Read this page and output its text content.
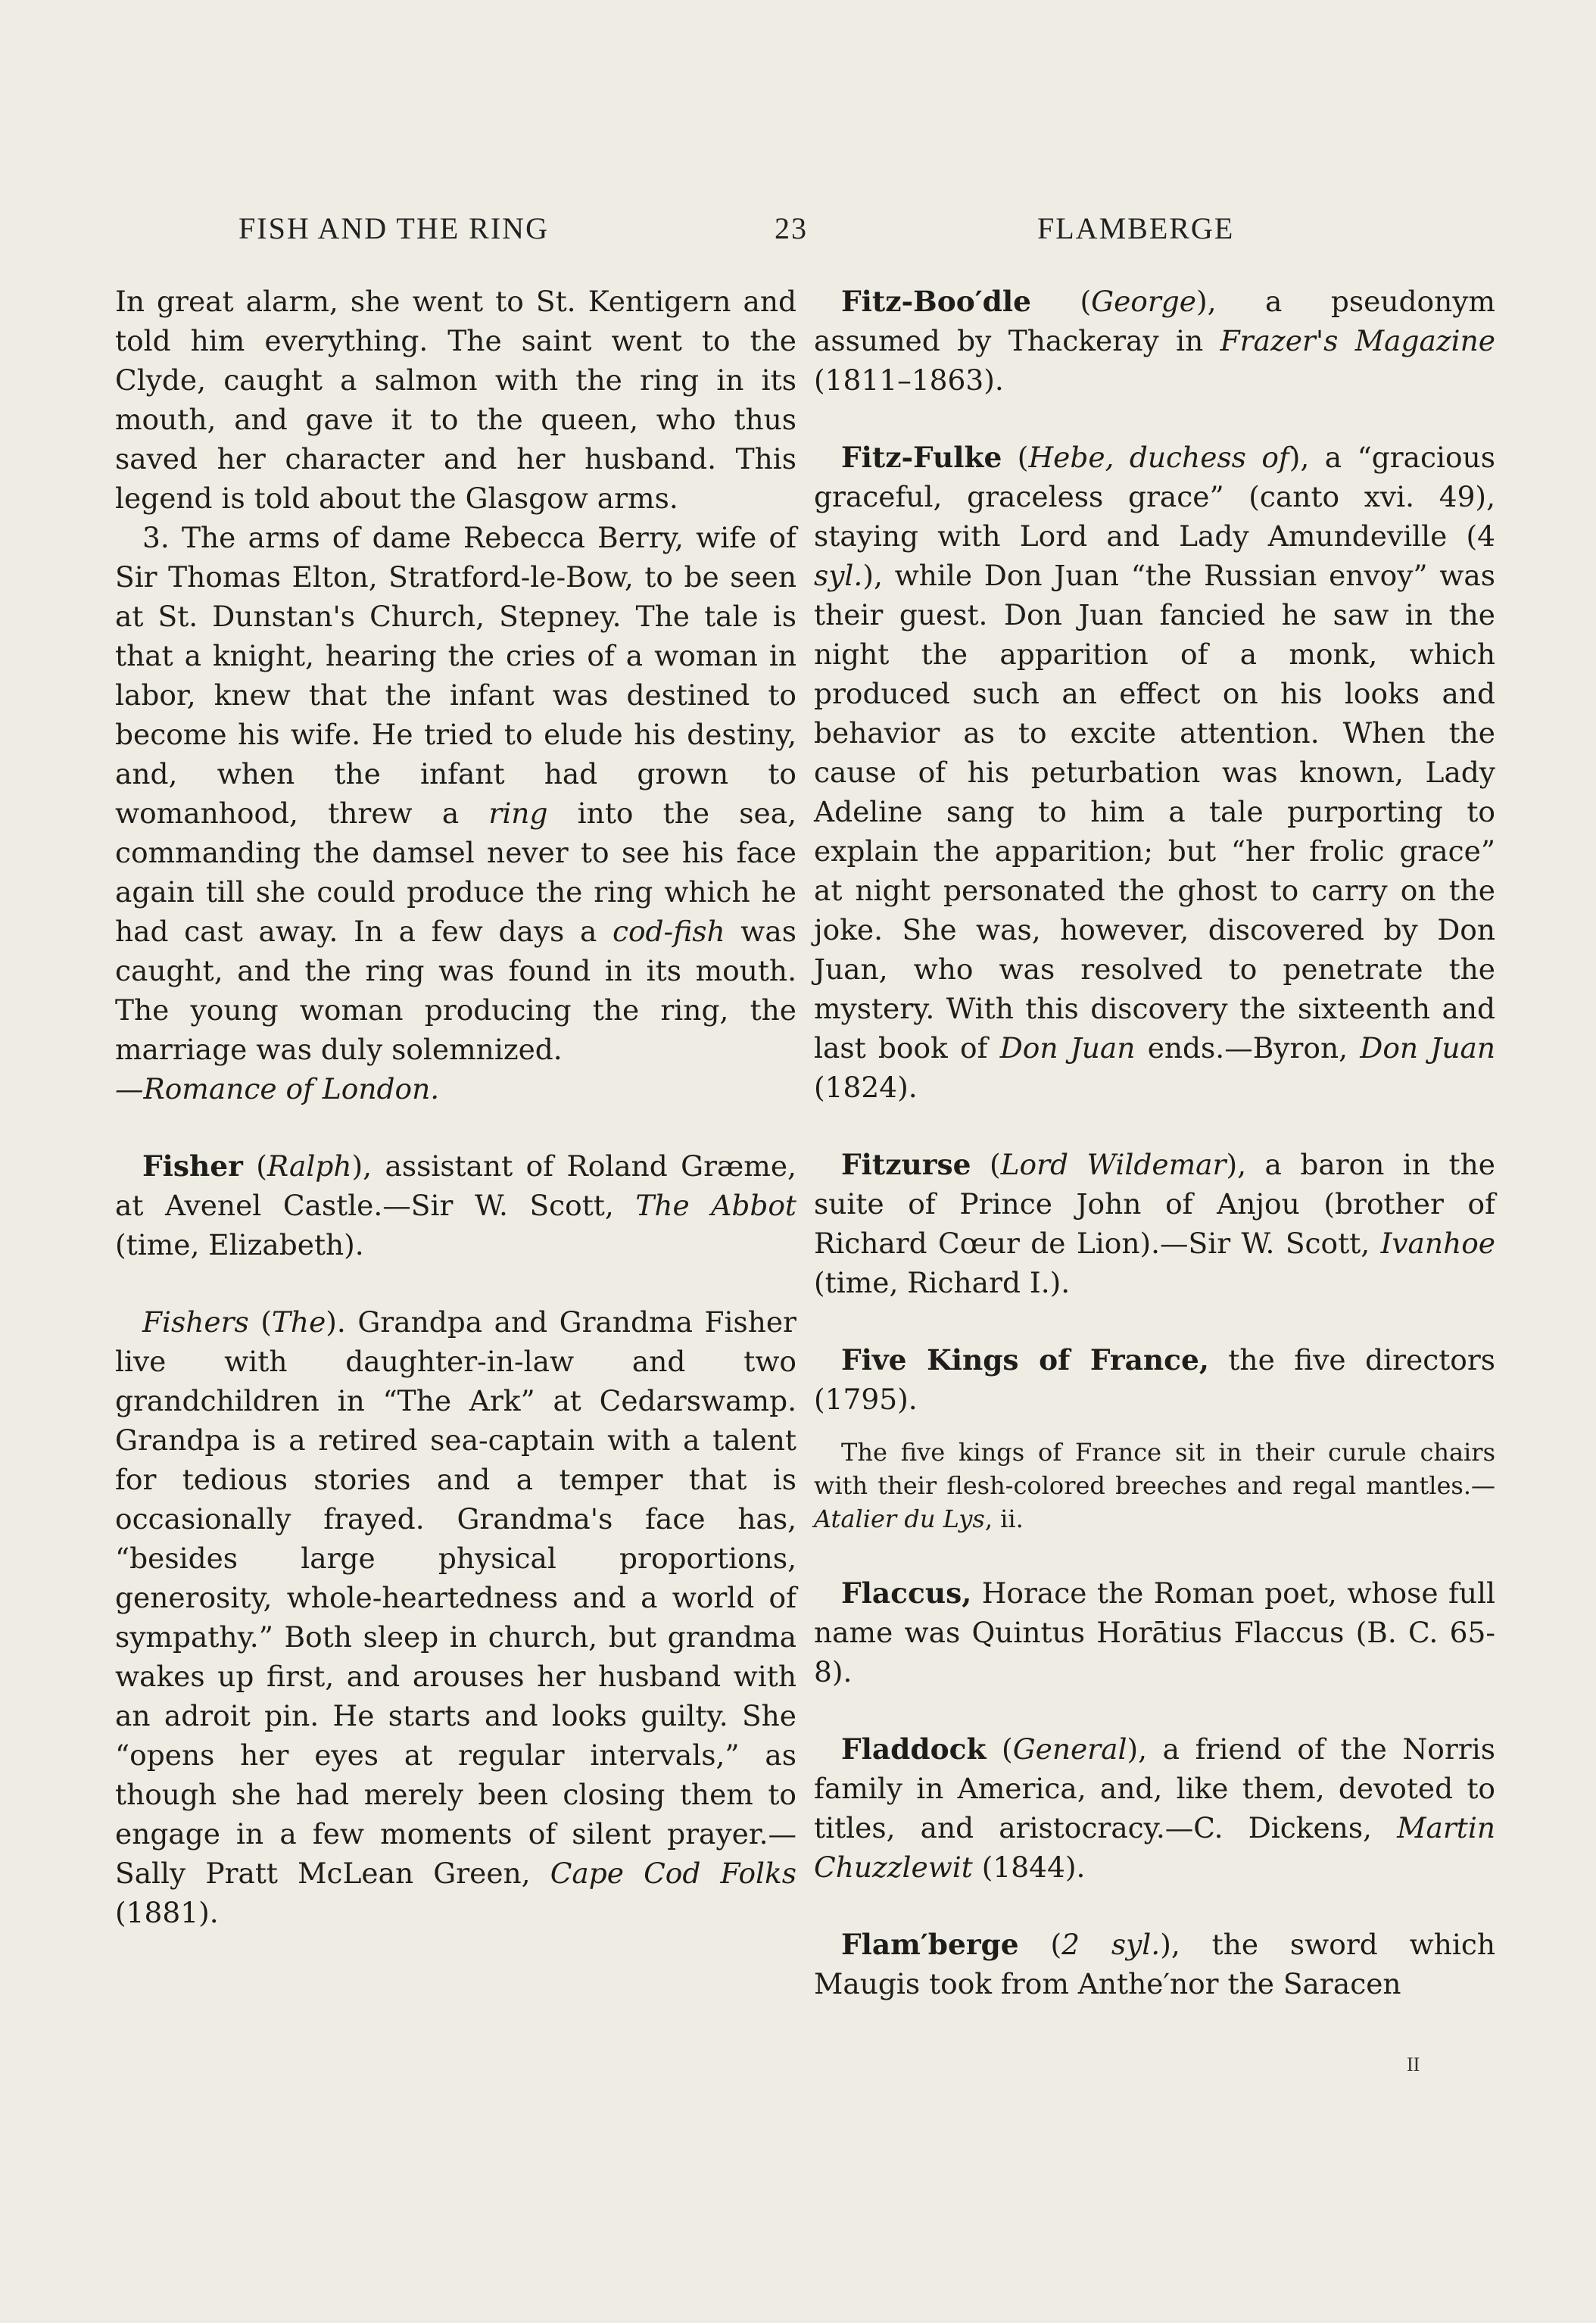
FISH AND THE RING	23	FLAMBERGE

In great alarm, she went to St. Kentigern and told him everything. The saint went to the Clyde, caught a salmon with the ring in its mouth, and gave it to the queen, who thus saved her character and her husband. This legend is told about the Glasgow arms.

3. The arms of dame Rebecca Berry, wife of Sir Thomas Elton, Stratford-le-Bow, to be seen at St. Dunstan's Church, Stepney. The tale is that a knight, hearing the cries of a woman in labor, knew that the infant was destined to become his wife. He tried to elude his destiny, and, when the infant had grown to womanhood, threw a ring into the sea, commanding the damsel never to see his face again till she could produce the ring which he had cast away. In a few days a cod-fish was caught, and the ring was found in its mouth. The young woman producing the ring, the marriage was duly solemnized.
—Romance of London.

Fisher (Ralph), assistant of Roland Græme, at Avenel Castle.—Sir W. Scott, The Abbot (time, Elizabeth).

Fishers (The). Grandpa and Grandma Fisher live with daughter-in-law and two grandchildren in “The Ark” at Cedarswamp. Grandpa is a retired sea-captain with a talent for tedious stories and a temper that is occasionally frayed. Grandma's face has, “besides large physical proportions, generosity, whole-heartedness and a world of sympathy.” Both sleep in church, but grandma wakes up first, and arouses her husband with an adroit pin. He starts and looks guilty. She “opens her eyes at regular intervals,” as though she had merely been closing them to engage in a few moments of silent prayer.—Sally Pratt McLean Green, Cape Cod Folks (1881).

Fitz-Boo′dle (George), a pseudonym assumed by Thackeray in Frazer's Magazine (1811–1863).

Fitz-Fulke (Hebe, duchess of), a “gracious graceful, graceless grace” (canto xvi. 49), staying with Lord and Lady Amundeville (4 syl.), while Don Juan “the Russian envoy” was their guest. Don Juan fancied he saw in the night the apparition of a monk, which produced such an effect on his looks and behavior as to excite attention. When the cause of his peturbation was known, Lady Adeline sang to him a tale purporting to explain the apparition; but “her frolic grace” at night personated the ghost to carry on the joke. She was, however, discovered by Don Juan, who was resolved to penetrate the mystery. With this discovery the sixteenth and last book of Don Juan ends.—Byron, Don Juan (1824).

Fitzurse (Lord Wildemar), a baron in the suite of Prince John of Anjou (brother of Richard Cœur de Lion).—Sir W. Scott, Ivanhoe (time, Richard I.).

Five Kings of France, the five directors (1795).

The five kings of France sit in their curule chairs with their flesh-colored breeches and regal mantles.—Atalier du Lys, ii.

Flaccus, Horace the Roman poet, whose full name was Quintus Horātius Flaccus (B. C. 65-8).

Fladdock (General), a friend of the Norris family in America, and, like them, devoted to titles, and aristocracy.—C. Dickens, Martin Chuzzlewit (1844).

Flam′berge (2 syl.), the sword which Maugis took from Anthe′nor the Saracen

II
